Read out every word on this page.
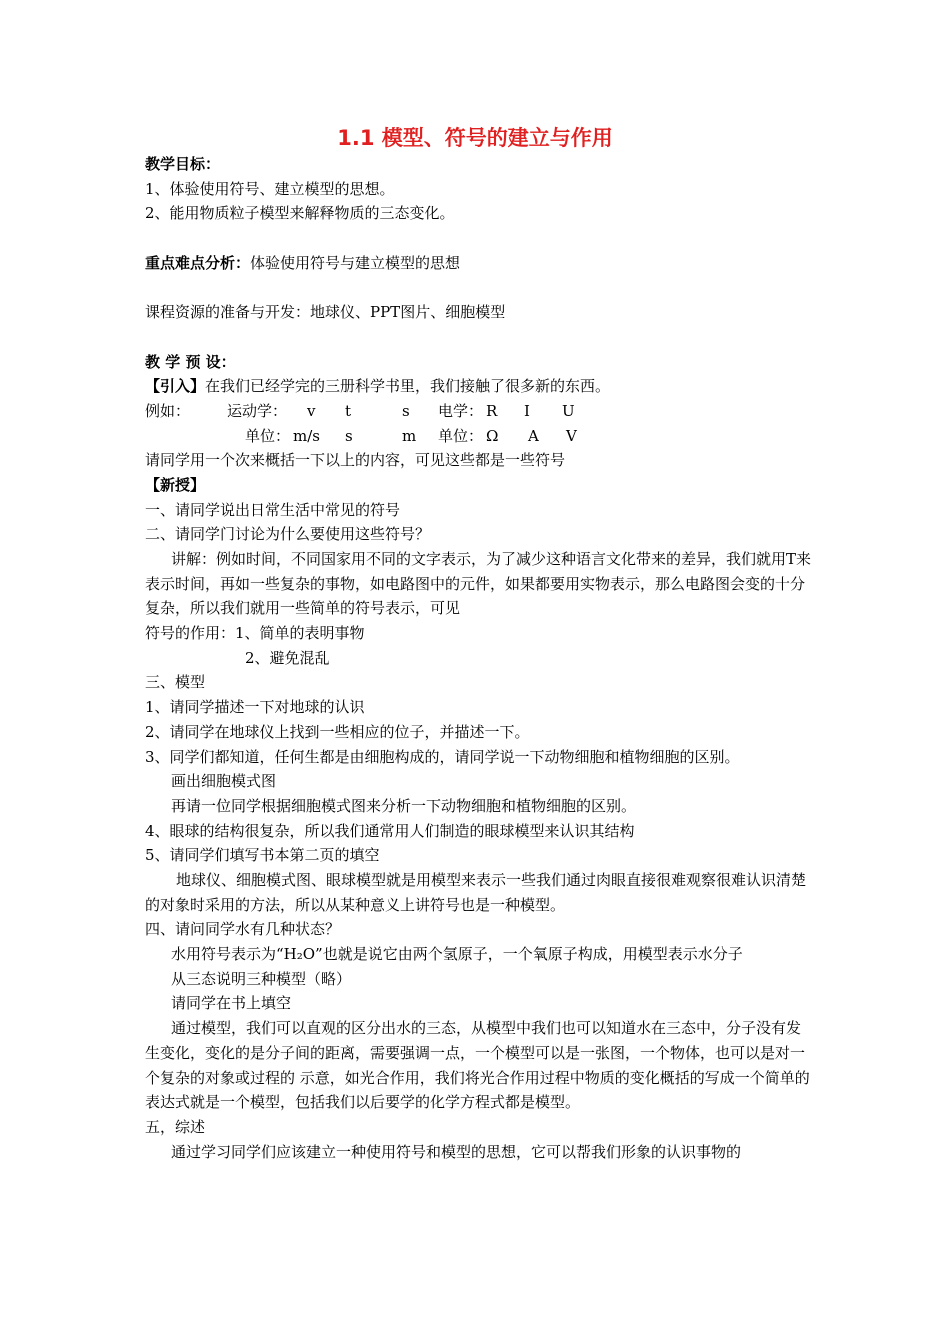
1.1 模型、符号的建立与作用
教学目标：
1、体验使用符号、建立模型的思想。
2、能用物质粒子模型来解释物质的三态变化。
重点难点分析：体验使用符号与建立模型的思想
课程资源的准备与开发：地球仪、PPT图片、细胞模型
教 学 预 设：
【引入】在我们已经学完的三册科学书里，我们接触了很多新的东西。
例如：	运动学：	v	t	s	电学： R	I	U
单位： m/s	s	m	单位： Ω	A	V
请同学用一个次来概括一下以上的内容，可见这些都是一些符号
【新授】
一、请同学说出日常生活中常见的符号
二、请同学门讨论为什么要使用这些符号？
讲解：例如时间，不同国家用不同的文字表示，为了减少这种语言文化带来的差异，我们就用T来表示时间，再如一些复杂的事物，如电路图中的元件，如果都要用实物表示，那么电路图会变的十分复杂，所以我们就用一些简单的符号表示，可见
符号的作用：1、简单的表明事物
2、避免混乱
三、模型
1、请同学描述一下对地球的认识
2、请同学在地球仪上找到一些相应的位子，并描述一下。
3、同学们都知道，任何生都是由细胞构成的，请同学说一下动物细胞和植物细胞的区别。
画出细胞模式图
再请一位同学根据细胞模式图来分析一下动物细胞和植物细胞的区别。
4、眼球的结构很复杂，所以我们通常用人们制造的眼球模型来认识其结构
5、请同学们填写书本第二页的填空
地球仪、细胞模式图、眼球模型就是用模型来表示一些我们通过肉眼直接很难观察很难认识清楚的对象时采用的方法，所以从某种意义上讲符号也是一种模型。
四、请问同学水有几种状态？
水用符号表示为“H₂O”也就是说它由两个氢原子，一个氧原子构成，用模型表示水分子
从三态说明三种模型（略）
请同学在书上填空
通过模型，我们可以直观的区分出水的三态，从模型中我们也可以知道水在三态中，分子没有发生变化，变化的是分子间的距离，需要强调一点，一个模型可以是一张图，一个物体，也可以是对一个复杂的对象或过程的 示意，如光合作用，我们将光合作用过程中物质的变化概括的写成一个简单的表达式就是一个模型，包括我们以后要学的化学方程式都是模型。
五，综述
通过学习同学们应该建立一种使用符号和模型的思想，它可以帮我们形象的认识事物的
